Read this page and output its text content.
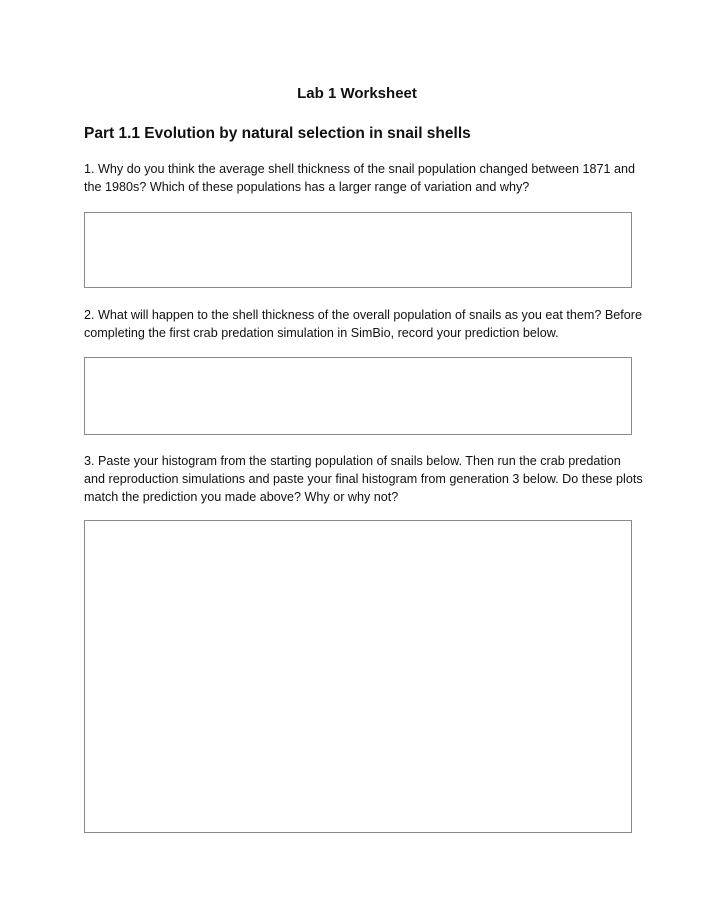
Lab 1 Worksheet
Part 1.1 Evolution by natural selection in snail shells
1. Why do you think the average shell thickness of the snail population changed between 1871 and the 1980s? Which of these populations has a larger range of variation and why?
2. What will happen to the shell thickness of the overall population of snails as you eat them? Before completing the first crab predation simulation in SimBio, record your prediction below.
3. Paste your histogram from the starting population of snails below. Then run the crab predation and reproduction simulations and paste your final histogram from generation 3 below. Do these plots match the prediction you made above? Why or why not?
